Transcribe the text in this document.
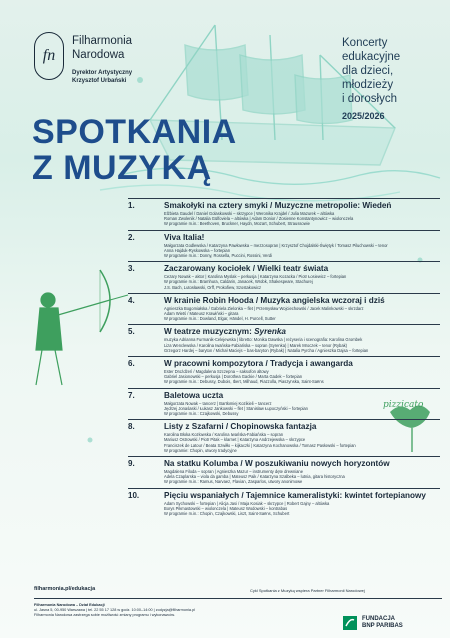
fn
Filharmonia
Narodowa
Dyrektor Artystyczny
Krzysztof Urbański
Koncerty
edukacyjne
dla dzieci,
młodzieży
i dorosłych
2025/2026
SPOTKANIA
Z MUZYKĄ
1.	Smakołyki na cztery smyki / Muzyczne metropolie: Wiedeń
Elżbieta Gaudel / Daniel Golaskowski – skrzypce | Weronika Krajdel / Julia Mazurek – altówka
Roman Zwolenik / Natalia Gülfoviela – altówka | Adam Donior / Zosienne Konstantynowicz – wiolonczela
W programie m.in.: Beethoven, Bruckner, Haydn, Mozart, Schubert, Straussowie
2.	Viva Italia!
Małgorzata Godlewska / Katarzyna Pawłowska – mezzosopran | Krzysztof Chojdalski-Świętyk / Tomasz Piluchowski – tenor
Anna Hajduk-Ryskowska – fortepian
W programie m.in.: Donny, Rossella, Puccini, Rossini, Verdi
3.	Zaczarowany kociołek / Wielki teatr świata
Cezary Nowak – aktor | Karolina Myslak – perkusja | Katarzyna Kozacka / Piotr Łosiewicz – fortepian
W programie m.in.: Bramhura, Caldarin, Janacek, Wrobk, Shakespeare, Stachurej
J.S. Bach, Lutosławski, Orff, Prokofiew, Szostakowicz
4.	W krainie Robin Hooda / Muzyka angielska wczoraj i dziś
Agnieszka Bogomiałska / Gabriela Zielonka – flet | Przemysław Wojciechowski / Jacek Malinkowski – skrzdarz
Adam Wietś / Mateusz Krawiński – gitara
W programie m.in.: Dowland, Elgar, Händel, H. Purcell, Sutter
5.	W teatrze muzycznym: Syrenka
muzyka Adrianna Furmanik-Celejewska | libretto: Monika Dawska | reżyseria i scenografia: Karolina Grombek
Liza Wenclewska / Karolina Iwańska-Fabiańska – sopran (Syrenka) | Marek Mroczek – tenor (Rybak)
Grzegorz Hardej – baryton / Michał Maciejs – bas-baryton (Rybak) | Natalia Pyrcha / Agnieszka Dajsa – fortepian
6.	W pracowni kompozytora / Tradycja i awangarda
Ester Drożdżeń / Magdalena Szczepna – saksofon altowy
Gabriel Jasionowski – perkusja | Dorothea Gackie / Marta Gadek – fortepian
W programie m.in.: Debussy, Dubois, Ibert, Milhaud, Piazzolla, Piaszynska, Saint-Saëns
7.	Baletowa uczta
Małgorzata Nowak – tancerz | Bartłomiej Kozikieli – tancerz
Jędrzej Jonaśaski / Łukasz Jankowski – flet | Stanisław Łupoczyński – fortepian
W programie m.in.: Czajkowski, Debussy
8.	Listy z Szafarni / Chopinowska fantazja
Karolina Błoka Kozłowska / Karolina Iwańska-Fabiańska – sopran
Mariusz Ostrowski / Piotr Pitak – klarnet | Katarzyna Andrzejewska – skrzypce
Franciszek de Latour / Beata Szwiłło – kijkaczki | Katarzyna Kochanowska / Tomasz Pasłowski – fortepian
W programie: Chopin, utwory tradycyjne
9.	Na statku Kolumba / W poszukiwaniu nowych horyzontów
Magdalena Filoda – sopran | Agnieszka Mazur – instrumenty dęte drewniane
Adela Czaplarska – viola da gamba | Mateusz Paik / Katarzyna Szalbeka – lutnia, gitara historyczna
W programie m.in.: Ramus, Narvaez, Flavian, Zasparlos, utwory anonimowe
10.	Pięciu wspaniałych / Tajemnice kameralistyki: kwintet fortepianowy
Adam Sychowski – fortepian | Alicja Jasi / Maja Kosiak – skrzypce | Robert Gajny – altówka
Borys Pikmastowski – wiolonczela | Mateusz Wodowski – kontrabas
W programie m.in.: Chopin, Czajkowski, Liszt, Saint-Saëns, Schubert
pizzicato
filharmonia.pl/edukacja	Cykl Spotkania z Muzyką wspiera Partner Filharmonii Narodowej
Filharmonia Narodowa – Dział Edukacji
ul. Jasna 5, 00-950 Warszawa | tel. 22 55 17 128 w godz. 10:00–14:00 | zodyzja@filharmonia.pl
Filharmonia Narodowa zastrzega sobie możliwość zmiany programu i wykonawców.
FUNDACJA
BNP PARIBAS
